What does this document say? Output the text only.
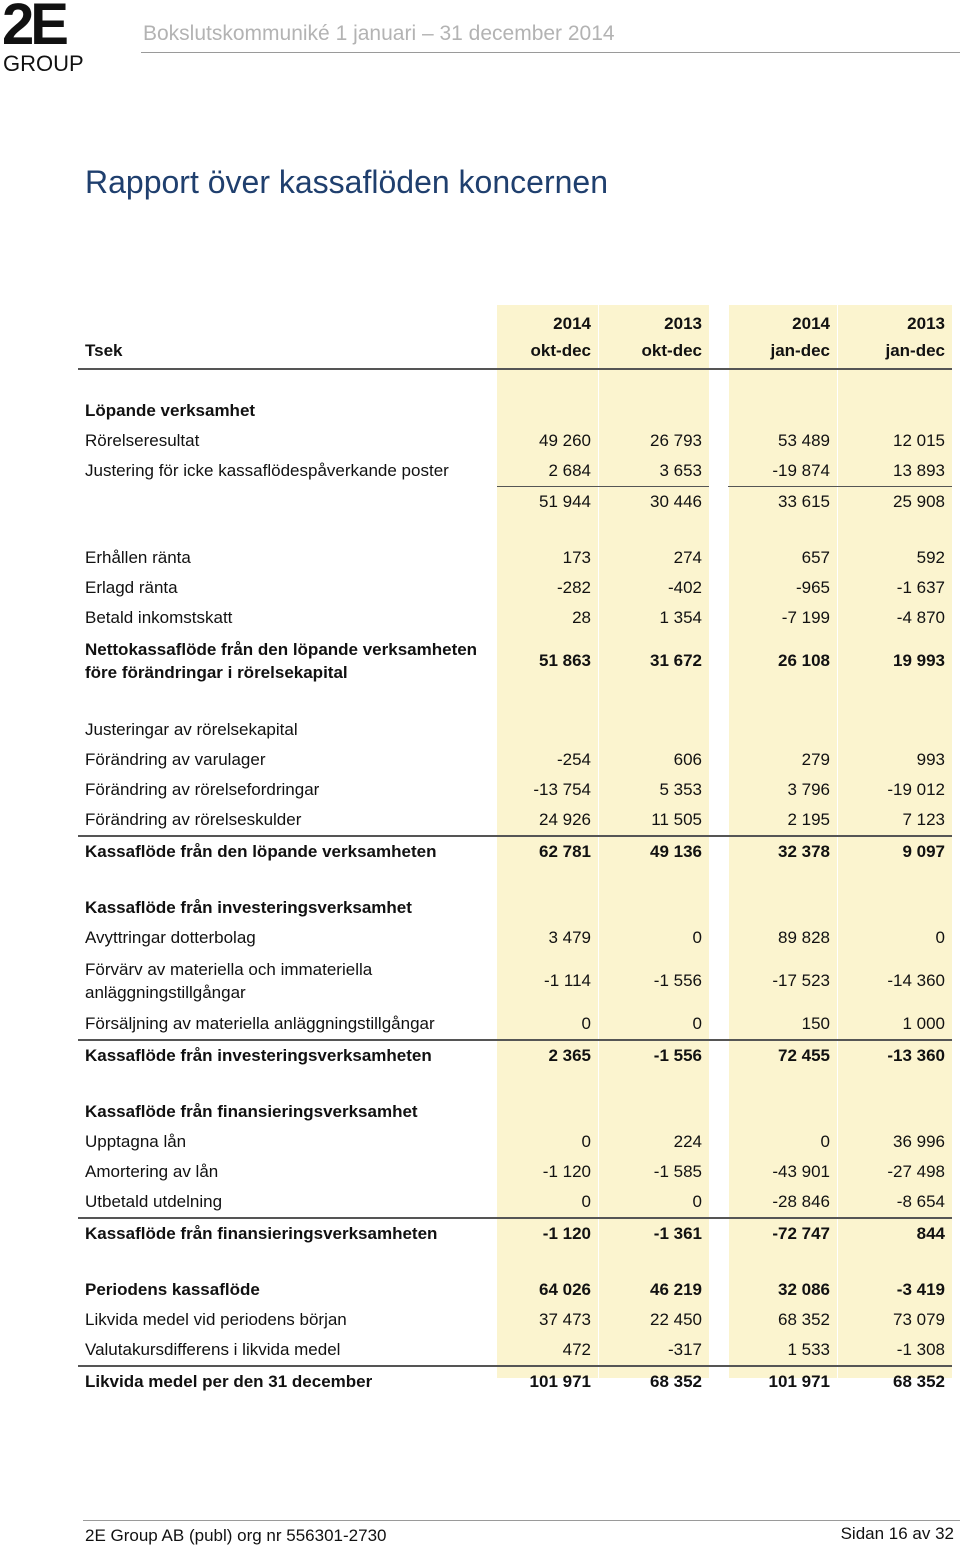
2E
GROUP
Bokslutskommuniké 1 januari – 31 december 2014
Rapport över kassaflöden koncernen
	2014	2013		2014	2013
Tsek	okt-dec	okt-dec		jan-dec	jan-dec

Löpande verksamhet					
Rörelseresultat	49 260	26 793		53 489	12 015
Justering för icke kassaflödespåverkande poster	2 684	3 653		-19 874	13 893
	51 944	30 446		33 615	25 908

Erhållen ränta	173	274		657	592
Erlagd ränta	-282	-402		-965	-1 637
Betald inkomstskatt	28	1 354		-7 199	-4 870
Nettokassaflöde från den löpande verksamheten före förändringar i rörelsekapital	51 863	31 672		26 108	19 993

Justeringar av rörelsekapital					
Förändring av varulager	-254	606		279	993
Förändring av rörelsefordringar	-13 754	5 353		3 796	-19 012
Förändring av rörelseskulder	24 926	11 505		2 195	7 123
Kassaflöde från den löpande verksamheten	62 781	49 136		32 378	9 097

Kassaflöde från investeringsverksamhet					
Avyttringar dotterbolag	3 479	0		89 828	0
Förvärv av materiella och immateriella anläggningstillgångar	-1 114	-1 556		-17 523	-14 360
Försäljning av materiella anläggningstillgångar	0	0		150	1 000
Kassaflöde från investeringsverksamheten	2 365	-1 556		72 455	-13 360

Kassaflöde från finansieringsverksamhet					
Upptagna lån	0	224		0	36 996
Amortering av lån	-1 120	-1 585		-43 901	-27 498
Utbetald utdelning	0	0		-28 846	-8 654
Kassaflöde från finansieringsverksamheten	-1 120	-1 361		-72 747	844

Periodens kassaflöde	64 026	46 219		32 086	-3 419
Likvida medel vid periodens början	37 473	22 450		68 352	73 079
Valutakursdifferens i likvida medel	472	-317		1 533	-1 308
Likvida medel per den 31 december	101 971	68 352		101 971	68 352
2E Group AB (publ) org nr 556301-2730	Sidan 16 av 32
